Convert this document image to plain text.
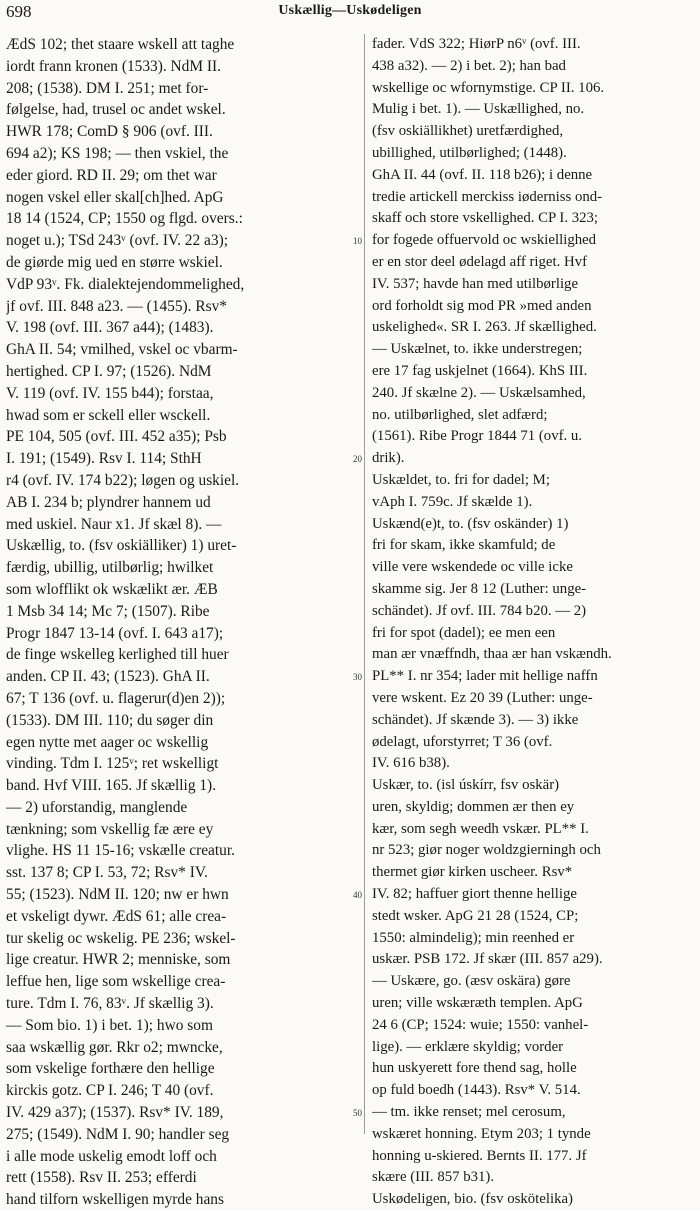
698	Uskællig—Uskødeligen
ÆdS 102; thet staare wskell att taghe
iordt frann kronen (1533). NdM II.
208; (1538). DM I. 251; met for-
følgelse, had, trusel oc andet wskel.
HWR 178; ComD § 906 (ovf. III.
694 a2); KS 198; — then vskiel, the
eder giord. RD II. 29; om thet war
nogen vskel eller skal[ch]hed. ApG
18 14 (1524, CP; 1550 og flgd. overs.:
noget u.); TSd 243ᵛ (ovf. IV. 22 a3);
de giørde mig ued en større wskiel.
VdP 93ᵛ. Fk. dialektejendommelighed,
jf ovf. III. 848 a23. — (1455). Rsv*
V. 198 (ovf. III. 367 a44); (1483).
GhA II. 54; vmilhed, vskel oc vbarm-
hertighed. CP I. 97; (1526). NdM
V. 119 (ovf. IV. 155 b44); forstaa,
hwad som er sckell eller wsckell.
PE 104, 505 (ovf. III. 452 a35); Psb
I. 191; (1549). Rsv I. 114; SthH
r4 (ovf. IV. 174 b22); løgen og uskiel.
AB I. 234 b; plyndrer hannem ud
med uskiel. Naur x1. Jf skæl 8). —
Uskællig, to. (fsv oskiälliker) 1) uret-
færdig, ubillig, utilbørlig; hwilket
som wlofflikt ok wskælikt ær. ÆB
1 Msb 34 14; Mc 7; (1507). Ribe
Progr 1847 13-14 (ovf. I. 643 a17);
de finge wskelleg kerlighed till huer
anden. CP II. 43; (1523). GhA II.
67; T 136 (ovf. u. flagerur(d)en 2));
(1533). DM III. 110; du søger din
egen nytte met aager oc wskellig
vinding. Tdm I. 125ᵛ; ret wskelligt
band. Hvf VIII. 165. Jf skællig 1).
— 2) uforstandig, manglende
tænkning; som vskellig fæ ære ey
vlighe. HS 11 15-16; vskælle creatur.
sst. 137 8; CP I. 53, 72; Rsv* IV.
55; (1523). NdM II. 120; nw er hwn
et vskeligt dywr. ÆdS 61; alle crea-
tur skelig oc wskelig. PE 236; wskel-
lige creatur. HWR 2; menniske, som
leffue hen, lige som wskellige crea-
ture. Tdm I. 76, 83ᵛ. Jf skællig 3).
— Som bio. 1) i bet. 1); hwo som
saa wskællig gør. Rkr o2; mwncke,
som vskelige forthære den hellige
kirckis gotz. CP I. 246; T 40 (ovf.
IV. 429 a37); (1537). Rsv* IV. 189,
275; (1549). NdM I. 90; handler seg
i alle mode uskelig emodt loff och
rett (1558). Rsv II. 253; efferdi
hand tilforn wskelligen myrde hans
fader. VdS 322; HiørP n6ᵛ (ovf. III.
438 a32). — 2) i bet. 2); han bad
wskellige oc wfornymstige. CP II. 106.
Mulig i bet. 1). — Uskællighed, no.
(fsv oskiällikhet) uretfærdighed,
ubillighed, utilbørlighed; (1448).
GhA II. 44 (ovf. II. 118 b26); i denne
tredie artickell merckiss iøderniss ond-
skaff och store vskellighed. CP I. 323;
for fogede offuervold oc wskiellighed
er en stor deel ødelagd aff riget. Hvf
IV. 537; havde han med utilbørlige
ord forholdt sig mod PR »med anden
uskelighed«. SR I. 263. Jf skællighed.
— Uskælnet, to. ikke understregen;
ere 17 fag uskjelnet (1664). KhS III.
240. Jf skælne 2). — Uskælsamhed,
no. utilbørlighed, slet adfærd;
(1561). Ribe Progr 1844 71 (ovf. u.
drik).
Uskældet, to. fri for dadel; M;
vAph I. 759c. Jf skælde 1).
Uskænd(e)t, to. (fsv oskänder) 1)
fri for skam, ikke skamfuld; de
ville vere wskendede oc ville icke
skamme sig. Jer 8 12 (Luther: unge-
schändet). Jf ovf. III. 784 b20. — 2)
fri for spot (dadel); ee men een
man ær vnæffndh, thaa ær han vskændh.
PL** I. nr 354; lader mit hellige naffn
vere wskent. Ez 20 39 (Luther: unge-
schändet). Jf skænde 3). — 3) ikke
ødelagt, uforstyrret; T 36 (ovf.
IV. 616 b38).
Uskær, to. (isl úskírr, fsv oskär)
uren, skyldig; dommen ær then ey
kær, som segh weedh vskær. PL** I.
nr 523; giør noger woldzgierningh och
thermet giør kirken uscheer. Rsv*
IV. 82; haffuer giort thenne hellige
stedt wsker. ApG 21 28 (1524, CP;
1550: almindelig); min reenhed er
uskær. PSB 172. Jf skær (III. 857 a29).
— Uskære, go. (æsv oskära) gøre
uren; ville wskæræth templen. ApG
24 6 (CP; 1524: wuie; 1550: vanhel-
lige). — erklære skyldig; vorder
hun uskyerett fore thend sag, holle
op fuld boedh (1443). Rsv* V. 514.
— tm. ikke renset; mel cerosum,
wskæret honning. Etym 203; 1 tynde
honning u-skiered. Bernts II. 177. Jf
skære (III. 857 b31).
Uskødeligen, bio. (fsv oskötelika)
10
20
30
40
50
